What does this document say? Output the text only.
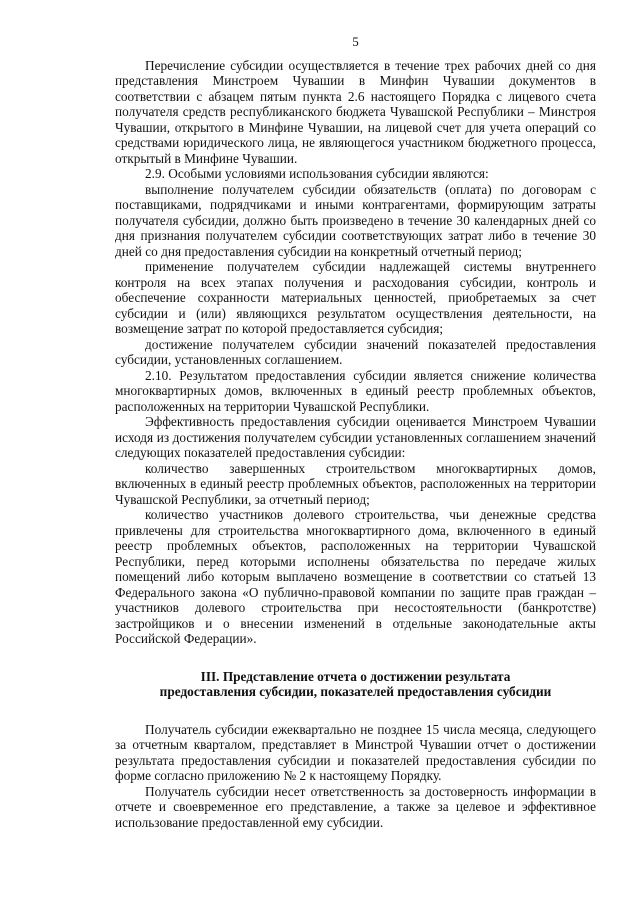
5

Перечисление субсидии осуществляется в течение трех рабочих дней со дня представления Минстроем Чувашии в Минфин Чувашии документов в соответствии с абзацем пятым пункта 2.6 настоящего Порядка с лицевого счета получателя средств республиканского бюджета Чувашской Республики – Минстроя Чувашии, открытого в Минфине Чувашии, на лицевой счет для учета операций со средствами юридического лица, не являющегося участником бюджетного процесса, открытый в Минфине Чувашии.

2.9. Особыми условиями использования субсидии являются:

выполнение получателем субсидии обязательств (оплата) по договорам с поставщиками, подрядчиками и иными контрагентами, формирующим затраты получателя субсидии, должно быть произведено в течение 30 календарных дней со дня признания получателем субсидии соответствующих затрат либо в течение 30 дней со дня предоставления субсидии на конкретный отчетный период;

применение получателем субсидии надлежащей системы внутреннего контроля на всех этапах получения и расходования субсидии, контроль и обеспечение сохранности материальных ценностей, приобретаемых за счет субсидии и (или) являющихся результатом осуществления деятельности, на возмещение затрат по которой предоставляется субсидия;

достижение получателем субсидии значений показателей предоставления субсидии, установленных соглашением.

2.10. Результатом предоставления субсидии является снижение количества многоквартирных домов, включенных в единый реестр проблемных объектов, расположенных на территории Чувашской Республики.

Эффективность предоставления субсидии оценивается Минстроем Чувашии исходя из достижения получателем субсидии установленных соглашением значений следующих показателей предоставления субсидии:

количество завершенных строительством многоквартирных домов, включенных в единый реестр проблемных объектов, расположенных на территории Чувашской Республики, за отчетный период;

количество участников долевого строительства, чьи денежные средства привлечены для строительства многоквартирного дома, включенного в единый реестр проблемных объектов, расположенных на территории Чувашской Республики, перед которыми исполнены обязательства по передаче жилых помещений либо которым выплачено возмещение в соответствии со статьей 13 Федерального закона «О публично-правовой компании по защите прав граждан – участников долевого строительства при несостоятельности (банкротстве) застройщиков и о внесении изменений в отдельные законодательные акты Российской Федерации».

III. Представление отчета о достижении результата
предоставления субсидии, показателей предоставления субсидии

Получатель субсидии ежеквартально не позднее 15 числа месяца, следующего за отчетным кварталом, представляет в Минстрой Чувашии отчет о достижении результата предоставления субсидии и показателей предоставления субсидии по форме согласно приложению № 2 к настоящему Порядку.

Получатель субсидии несет ответственность за достоверность информации в отчете и своевременное его представление, а также за целевое и эффективное использование предоставленной ему субсидии.
